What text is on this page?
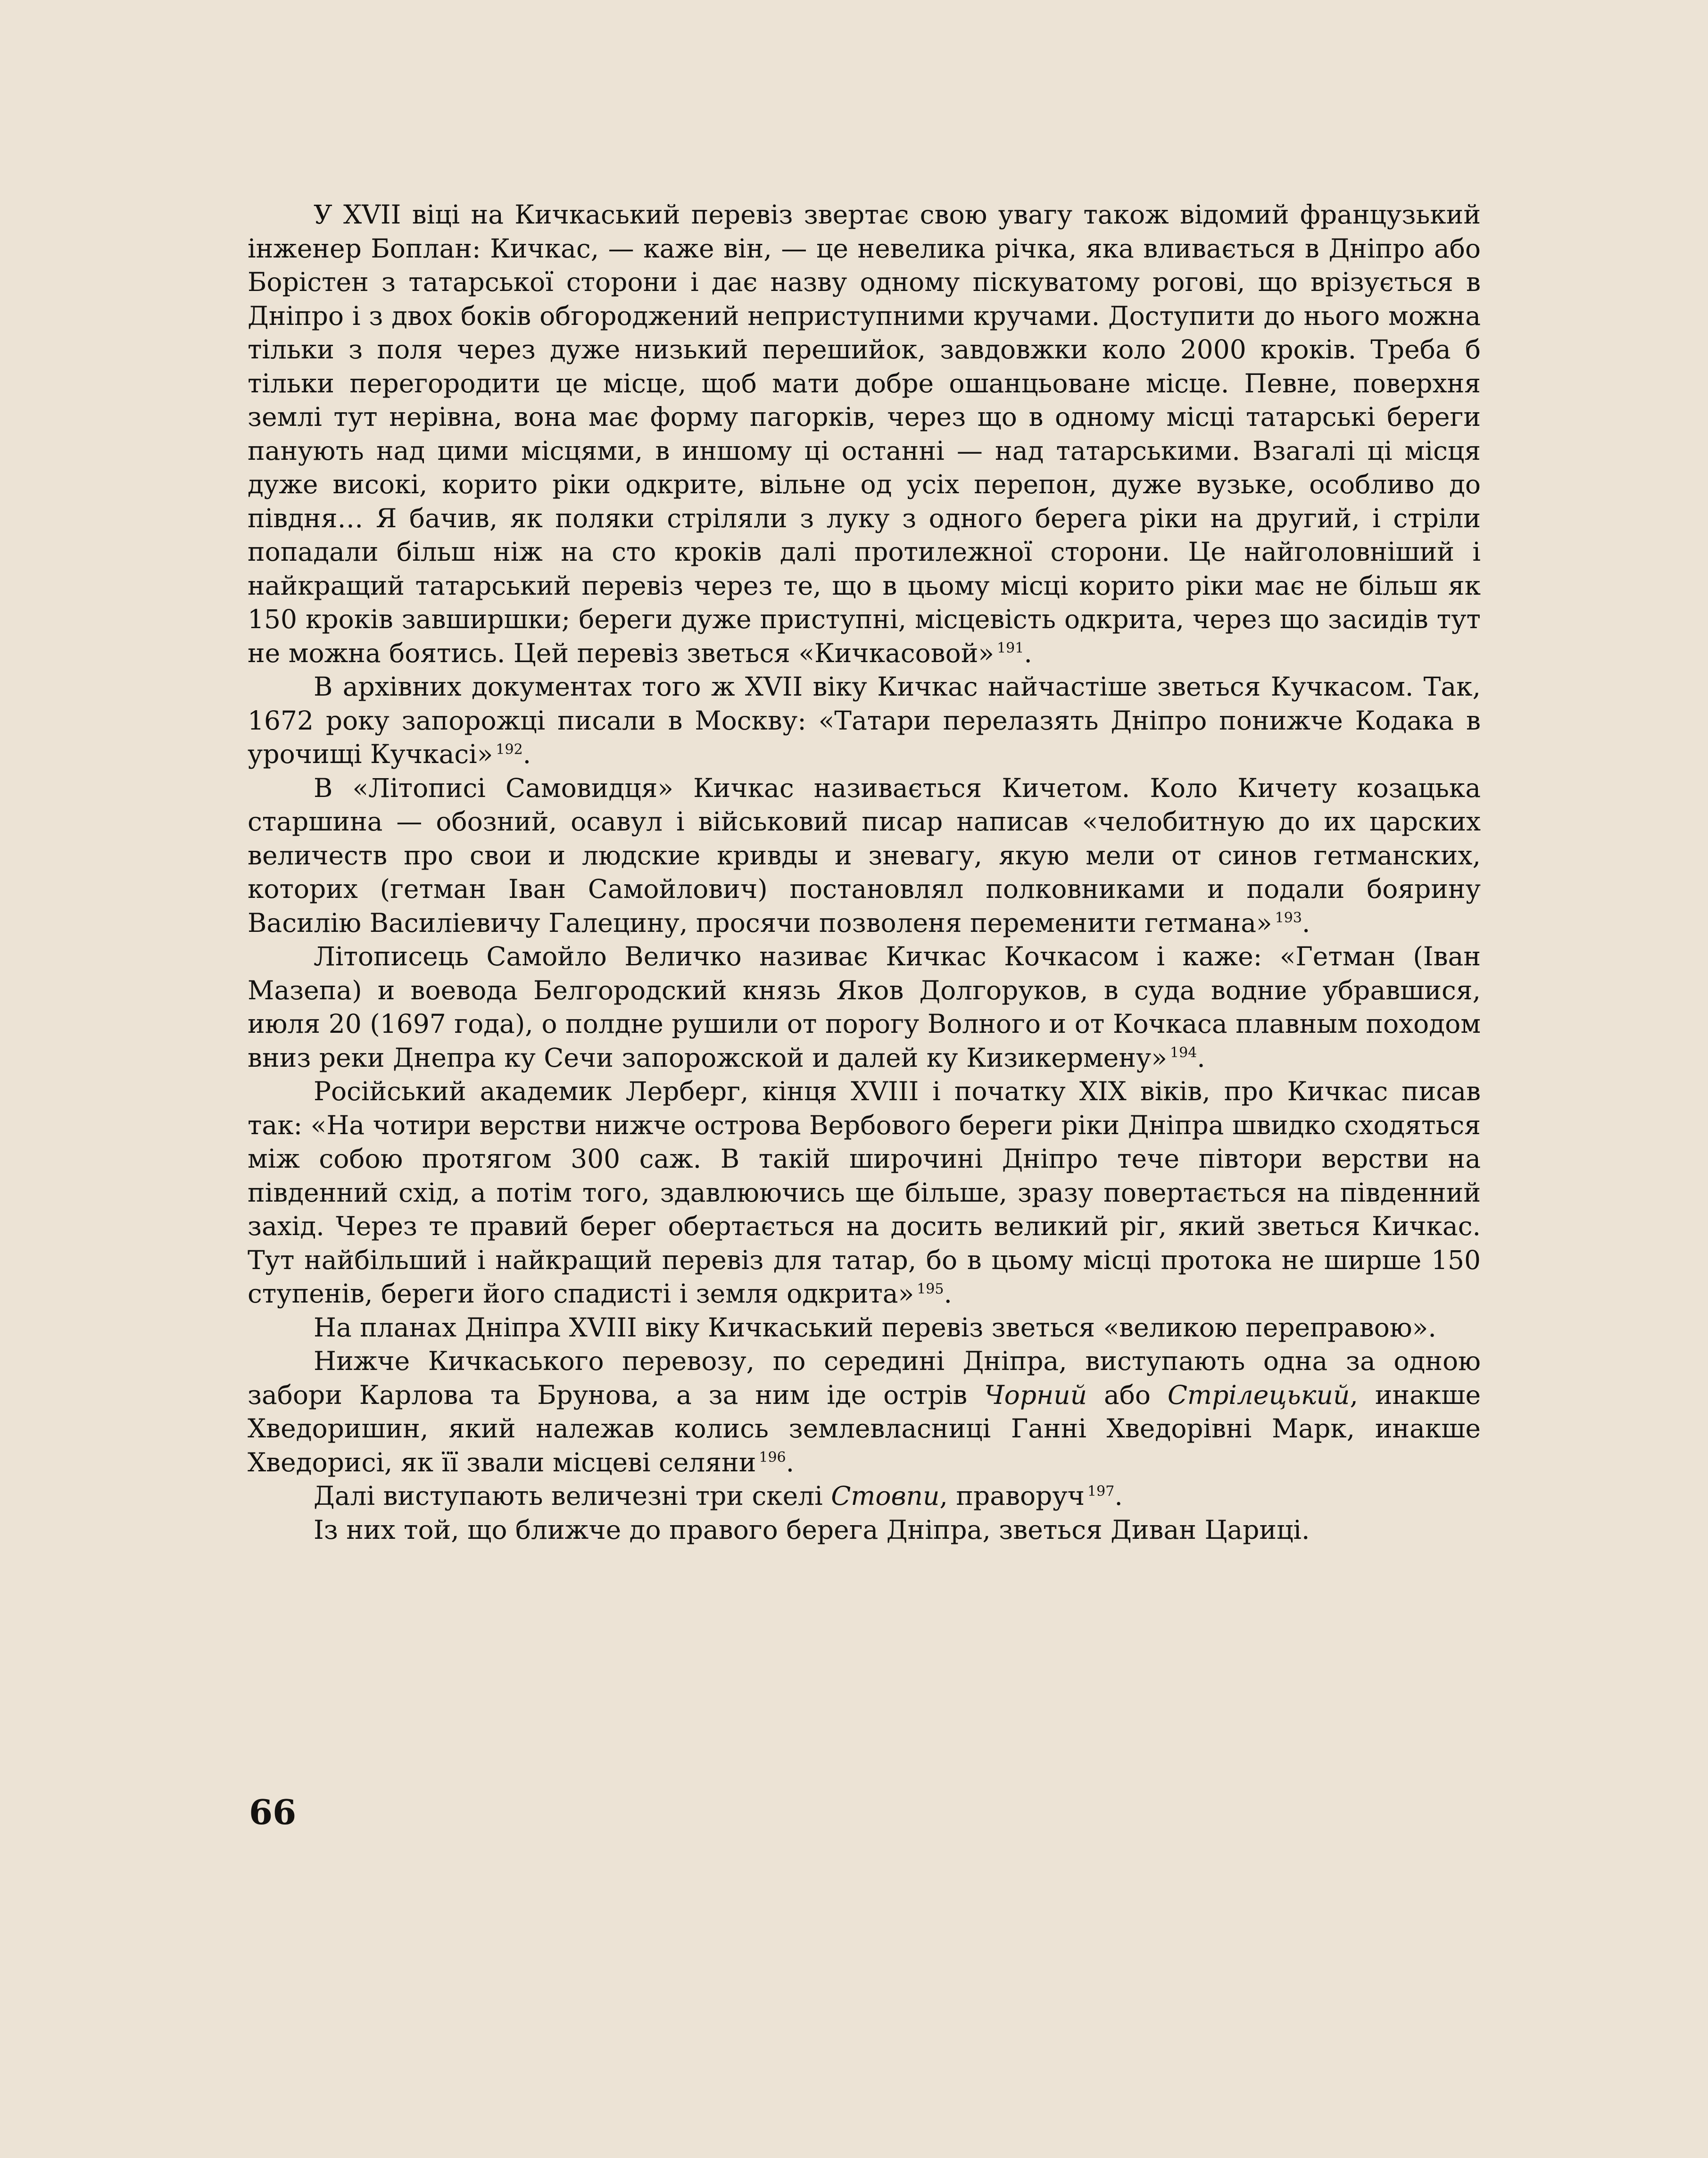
У XVII віці на Кичкаський перевіз звертає свою увагу також відомий французький інженер Боплан: Кичкас, — каже він, — це невелика річка, яка вливається в Дніпро або Борістен з татарської сторони і дає назву одному піскуватому рогові, що врізується в Дніпро і з двох боків обгороджений неприступними кручами. Доступити до нього можна тільки з поля через дуже низький перешийок, завдовжки коло 2000 кроків. Треба б тільки перегородити це місце, щоб мати добре ошанцьоване місце. Певне, поверхня землі тут нерівна, вона має форму пагорків, через що в одному місці татарські береги панують над цими місцями, в иншому ці останні — над татарськими. Взагалі ці місця дуже високі, корито ріки одкрите, вільне од усіх перепон, дуже вузьке, особливо до півдня… Я бачив, як поляки стріляли з луку з одного берега ріки на другий, і стріли попадали більш ніж на сто кроків далі протилежної сторони. Це найголовніший і найкращий татарський перевіз через те, що в цьому місці корито ріки має не більш як 150 кроків завширшки; береги дуже приступні, місцевість одкрита, через що засидів тут не можна боятись. Цей перевіз зветься «Кичкасовой» $^{191}$.

В архівних документах того ж XVII віку Кичкас найчастіше зветься Кучкасом. Так, 1672 року запорожці писали в Москву: «Татари перелазять Дніпро понижче Кодака в урочищі Кучкасі» $^{192}$.

В «Літописі Самовидця» Кичкас називається Кичетом. Коло Кичету козацька старшина — обозний, осавул і військовий писар написав «челобитную до их царских величеств про свои и людские кривды и зневагу, якую мели от синов гетманских, которих (гетман Іван Самойлович) постановлял полковниками и подали боярину Василію Василіевичу Галецину, просячи позволеня переменити гетмана» $^{193}$.

Літописець Самойло Величко називає Кичкас Кочкасом і каже: «Гетман (Іван Мазепа) и воевода Белгородский князь Яков Долгоруков, в суда водние убравшися, июля 20 (1697 года), о полдне рушили от порогу Волного и от Кочкаса плавным походом вниз реки Днепра ку Сечи запорожской и далей ку Кизикермену» $^{194}$.

Російський академик Лерберг, кінця XVIII і початку XIX віків, про Кичкас писав так: «На чотири верстви нижче острова Вербового береги ріки Дніпра швидко сходяться між собою протягом 300 саж. В такій широчині Дніпро тече півтори верстви на південний схід, а потім того, здавлюючись ще більше, зразу повертається на південний захід. Через те правий берег обертається на досить великий ріг, який зветься Кичкас. Тут найбільший і найкращий перевіз для татар, бо в цьому місці протока не ширше 150 ступенів, береги його спадисті і земля одкрита» $^{195}$.

На планах Дніпра XVIII віку Кичкаський перевіз зветься «великою переправою».

Нижче Кичкаського перевозу, по середині Дніпра, виступають одна за одною забори Карлова та Брунова, а за ним іде острів Чорний або Стрілецький, инакше Хведоришин, який належав колись землевласниці Ганні Хведорівні Марк, инакше Хведорисі, як її звали місцеві селяни $^{196}$.

Далі виступають величезні три скелі Стовпи, праворуч $^{197}$.

Із них той, що ближче до правого берега Дніпра, зветься Диван Цариці.

66
